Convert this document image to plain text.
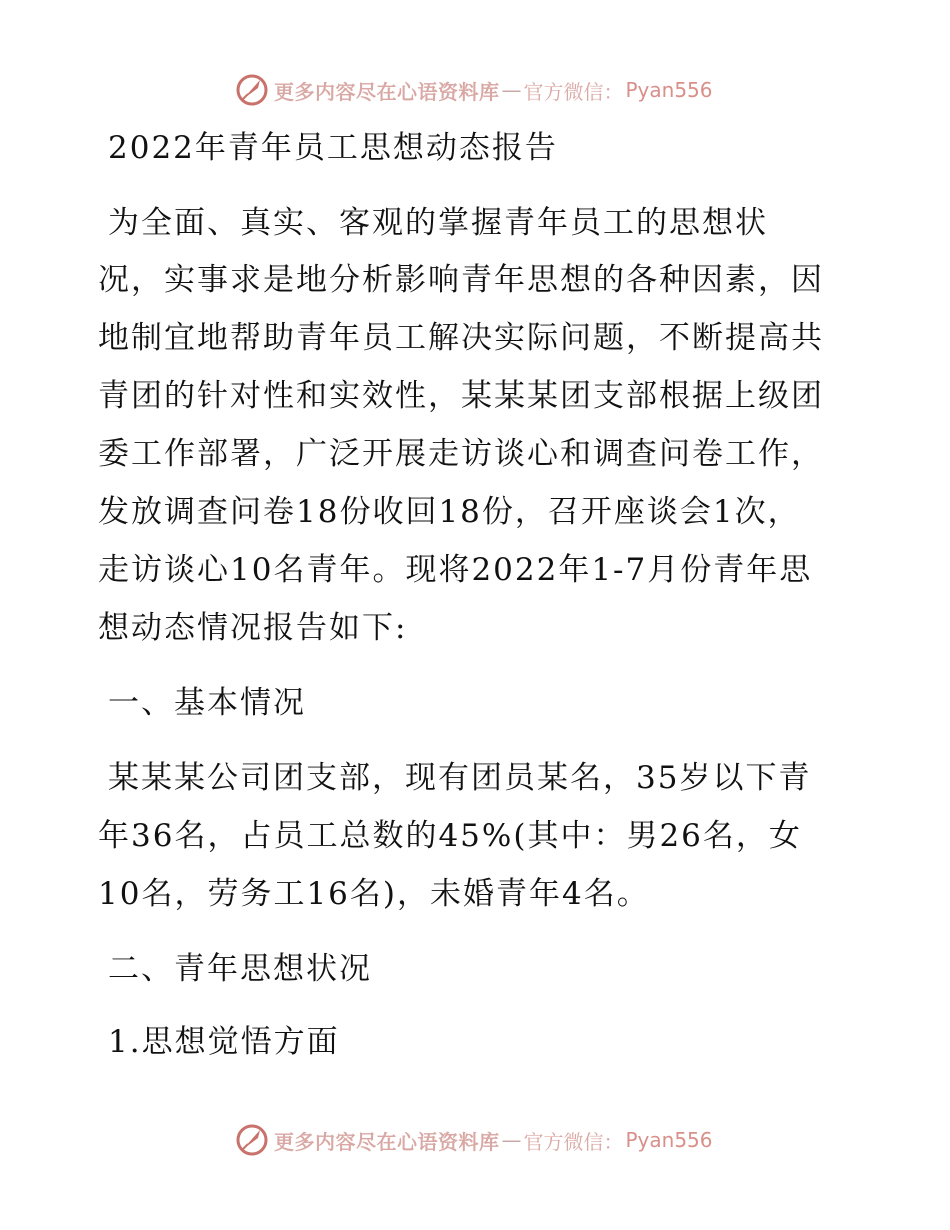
更多内容尽在心语资料库 — 官方微信： Pyan556
2022年青年员工思想动态报告
为全面、真实、客观的掌握青年员工的思想状
况，实事求是地分析影响青年思想的各种因素，因
地制宜地帮助青年员工解决实际问题，不断提高共
青团的针对性和实效性，某某某团支部根据上级团
委工作部署，广泛开展走访谈心和调查问卷工作，
发放调查问卷18份收回18份，召开座谈会1次，
走访谈心10名青年。现将2022年1-7月份青年思
想动态情况报告如下:
一、基本情况
某某某公司团支部，现有团员某名，35岁以下青
年36名，占员工总数的45%(其中：男26名，女
10名，劳务工16名)，未婚青年4名。
二、青年思想状况
1.思想觉悟方面
更多内容尽在心语资料库 — 官方微信： Pyan556
